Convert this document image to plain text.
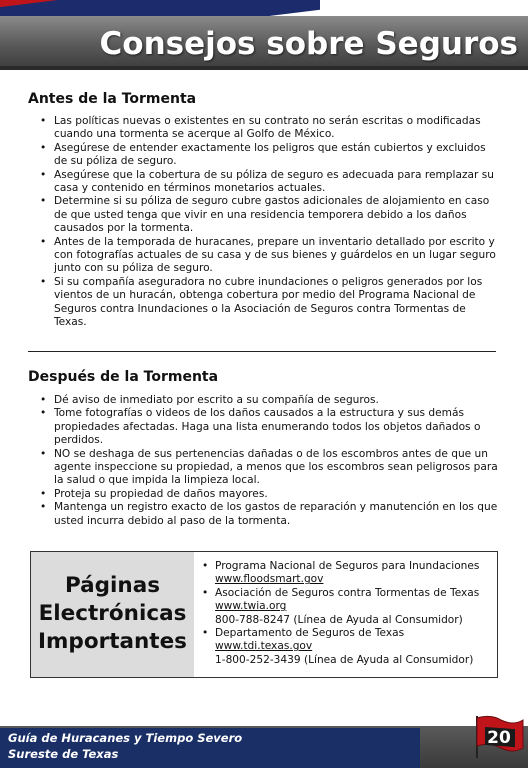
Consejos sobre Seguros
Antes de la Tormenta
• Las políticas nuevas o existentes en su contrato no serán escritas o modificadas cuando una tormenta se acerque al Golfo de México.
• Asegúrese de entender exactamente los peligros que están cubiertos y excluidos de su póliza de seguro.
• Asegúrese que la cobertura de su póliza de seguro es adecuada para remplazar su casa y contenido en términos monetarios actuales.
• Determine si su póliza de seguro cubre gastos adicionales de alojamiento en caso de que usted tenga que vivir en una residencia temporera debido a los daños causados por la tormenta.
• Antes de la temporada de huracanes, prepare un inventario detallado por escrito y con fotografías actuales de su casa y de sus bienes y guárdelos en un lugar seguro junto con su póliza de seguro.
• Si su compañía aseguradora no cubre inundaciones o peligros generados por los vientos de un huracán, obtenga cobertura por medio del Programa Nacional de Seguros contra Inundaciones o la Asociación de Seguros contra Tormentas de Texas.
Después de la Tormenta
• Dé aviso de inmediato por escrito a su compañía de seguros.
• Tome fotografías o videos de los daños causados a la estructura y sus demás propiedades afectadas. Haga una lista enumerando todos los objetos dañados o perdidos.
• NO se deshaga de sus pertenencias dañadas o de los escombros antes de que un agente inspeccione su propiedad, a menos que los escombros sean peligrosos para la salud o que impida la limpieza local.
• Proteja su propiedad de daños mayores.
• Mantenga un registro exacto de los gastos de reparación y manutención en los que usted incurra debido al paso de la tormenta.
Páginas
Electrónicas
Importantes
• Programa Nacional de Seguros para Inundaciones
www.floodsmart.gov
• Asociación de Seguros contra Tormentas de Texas
www.twia.org
800-788-8247 (Línea de Ayuda al Consumidor)
• Departamento de Seguros de Texas
www.tdi.texas.gov
1-800-252-3439 (Línea de Ayuda al Consumidor)
Guía de Huracanes y Tiempo Severo
Sureste de Texas
20
